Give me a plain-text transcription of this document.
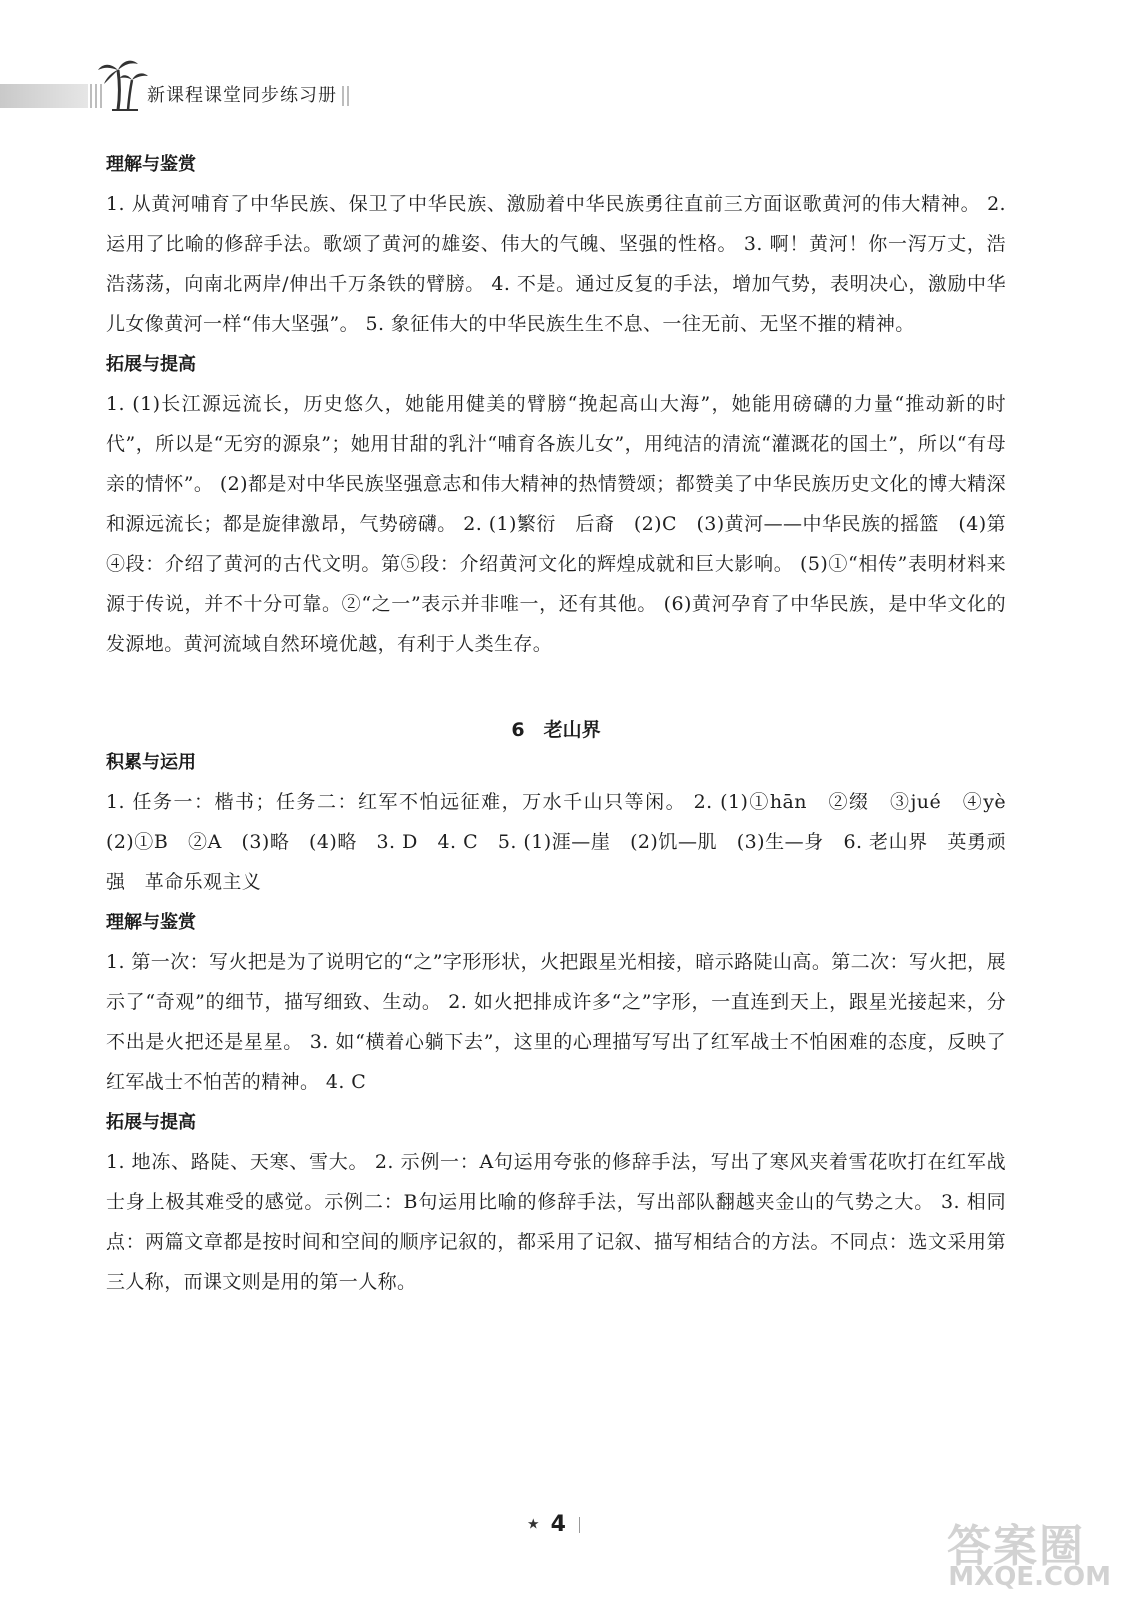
新课程课堂同步练习册
理解与鉴赏

1. 从黄河哺育了中华民族、保卫了中华民族、激励着中华民族勇往直前三方面讴歌黄河的伟大精神。 2. 运用了比喻的修辞手法。歌颂了黄河的雄姿、伟大的气魄、坚强的性格。 3. 啊！黄河！你一泻万丈，浩浩荡荡，向南北两岸/伸出千万条铁的臂膀。 4. 不是。通过反复的手法，增加气势，表明决心，激励中华儿女像黄河一样“伟大坚强”。 5. 象征伟大的中华民族生生不息、一往无前、无坚不摧的精神。

拓展与提高

1. (1)长江源远流长，历史悠久，她能用健美的臂膀“挽起高山大海”，她能用磅礴的力量“推动新的时代”，所以是“无穷的源泉”；她用甘甜的乳汁“哺育各族儿女”，用纯洁的清流“灌溉花的国土”，所以“有母亲的情怀”。 (2)都是对中华民族坚强意志和伟大精神的热情赞颂；都赞美了中华民族历史文化的博大精深和源远流长；都是旋律激昂，气势磅礴。 2. (1)繁衍　后裔　(2)C　(3)黄河——中华民族的摇篮　(4)第④段：介绍了黄河的古代文明。第⑤段：介绍黄河文化的辉煌成就和巨大影响。 (5)①“相传”表明材料来源于传说，并不十分可靠。②“之一”表示并非唯一，还有其他。 (6)黄河孕育了中华民族，是中华文化的发源地。黄河流域自然环境优越，有利于人类生存。

6　老山界
积累与运用

1. 任务一：楷书；任务二：红军不怕远征难，万水千山只等闲。 2. (1)①hān　②缀　③jué　④yè　(2)①B　②A　(3)略　(4)略　3. D　4. C　5. (1)涯—崖　(2)饥—肌　(3)生—身　6. 老山界　英勇顽强　革命乐观主义

理解与鉴赏

1. 第一次：写火把是为了说明它的“之”字形形状，火把跟星光相接，暗示路陡山高。第二次：写火把，展示了“奇观”的细节，描写细致、生动。 2. 如火把排成许多“之”字形，一直连到天上，跟星光接起来，分不出是火把还是星星。 3. 如“横着心躺下去”，这里的心理描写写出了红军战士不怕困难的态度，反映了红军战士不怕苦的精神。 4. C

拓展与提高

1. 地冻、路陡、天寒、雪大。 2. 示例一：A句运用夸张的修辞手法，写出了寒风夹着雪花吹打在红军战士身上极其难受的感觉。示例二：B句运用比喻的修辞手法，写出部队翻越夹金山的气势之大。 3. 相同点：两篇文章都是按时间和空间的顺序记叙的，都采用了记叙、描写相结合的方法。不同点：选文采用第三人称，而课文则是用的第一人称。

★ 4	答案圈
MXQE.COM
